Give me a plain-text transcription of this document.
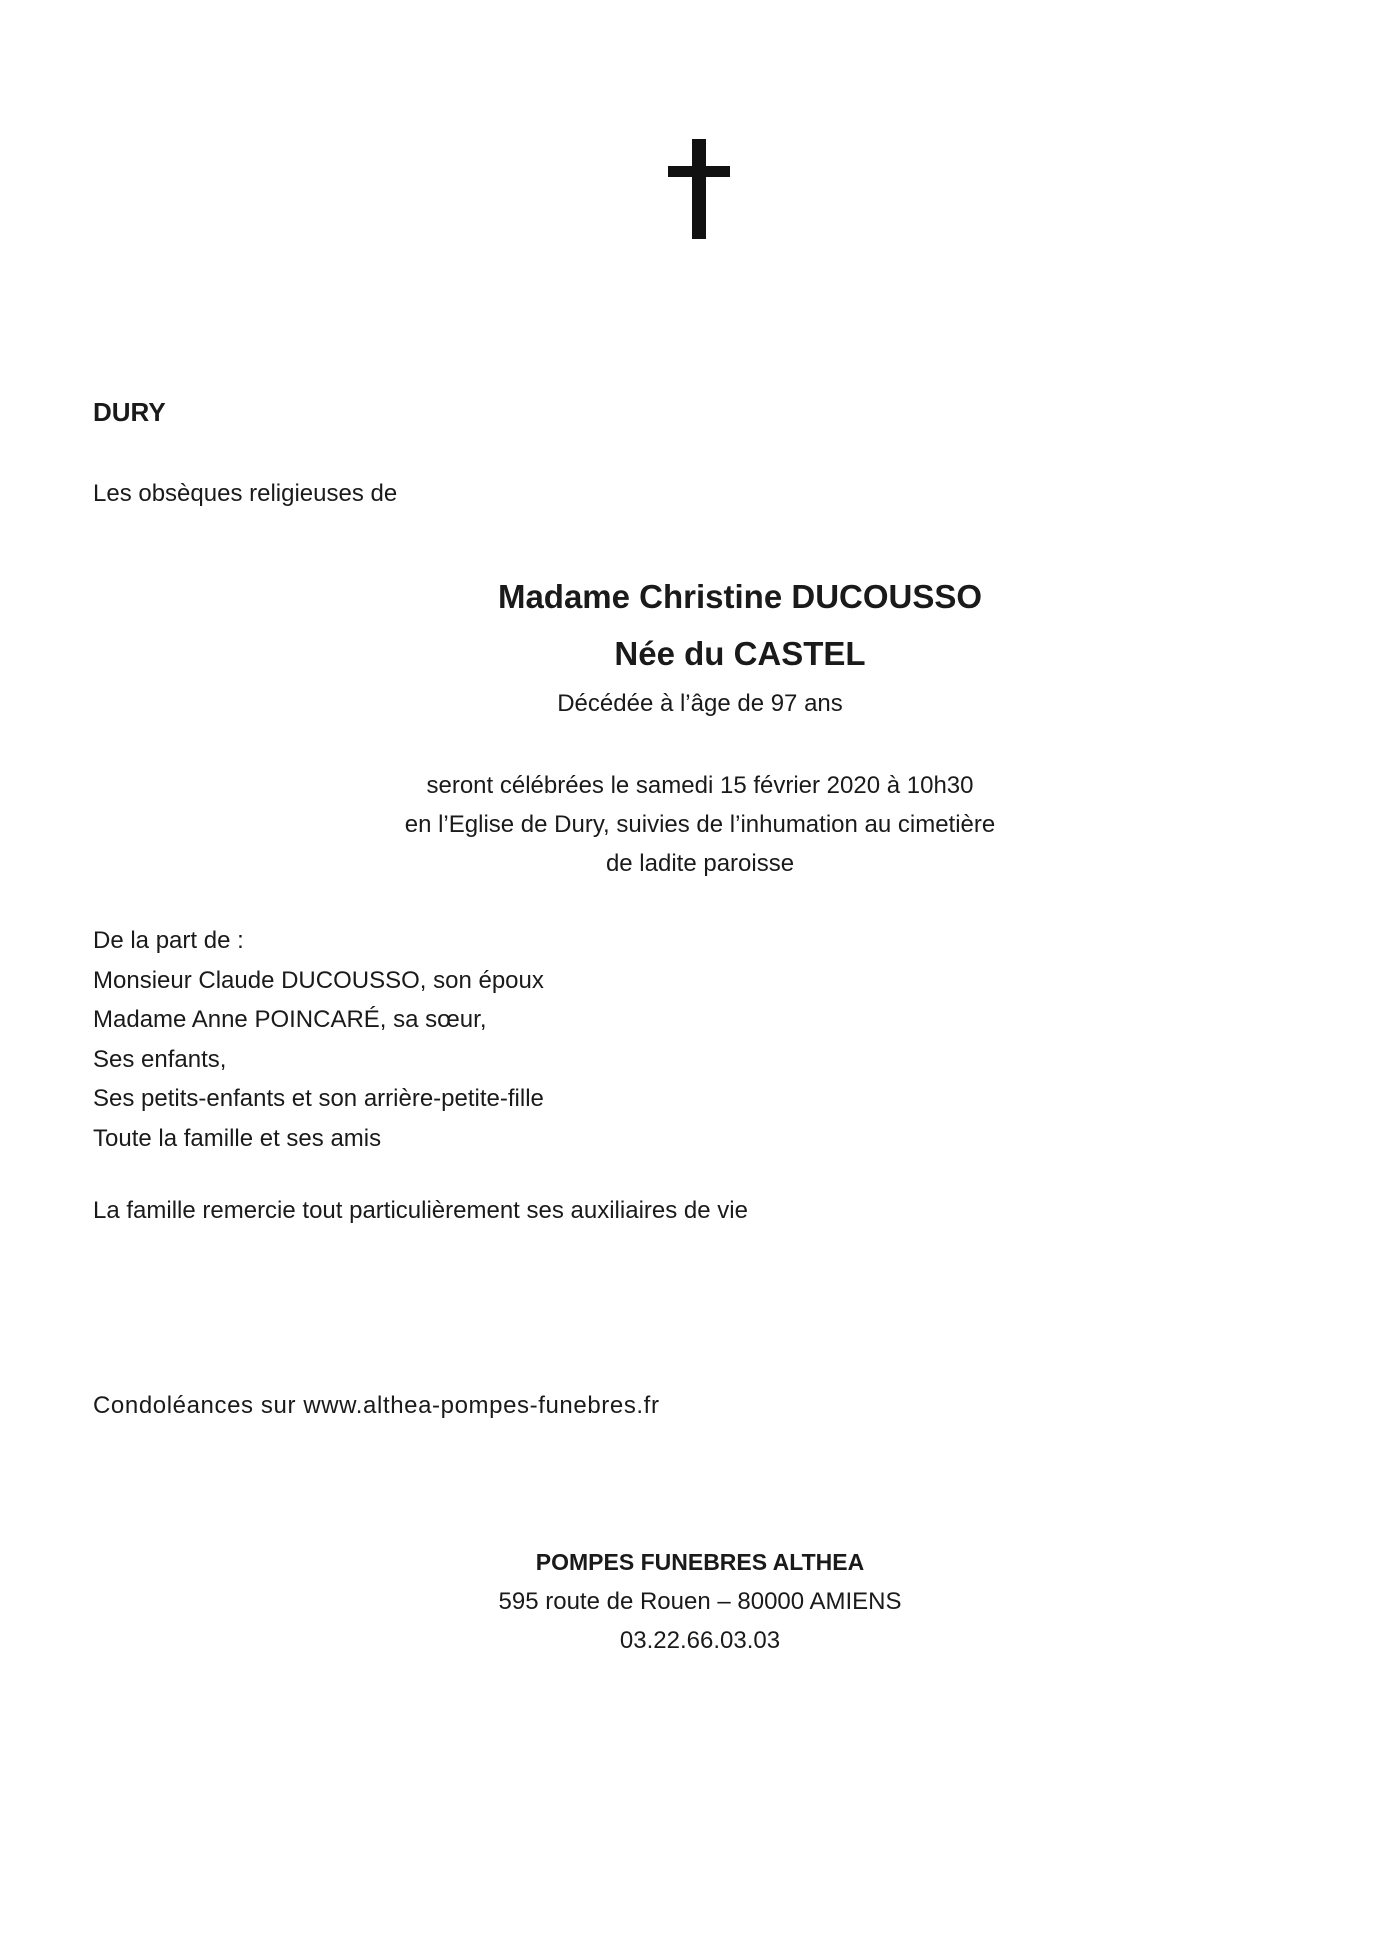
DURY
Les obsèques religieuses de
Madame Christine DUCOUSSO
Née du CASTEL
Décédée à l’âge de 97 ans
seront célébrées le samedi 15 février 2020 à 10h30
en l’Eglise de Dury, suivies de l’inhumation au cimetière
de ladite paroisse
De la part de :
Monsieur Claude DUCOUSSO, son époux
Madame Anne POINCARÉ, sa sœur,
Ses enfants,
Ses petits-enfants et son arrière-petite-fille
Toute la famille et ses amis
La famille remercie tout particulièrement ses auxiliaires de vie
Condoléances sur www.althea-pompes-funebres.fr
POMPES FUNEBRES ALTHEA
595 route de Rouen – 80000 AMIENS
03.22.66.03.03
